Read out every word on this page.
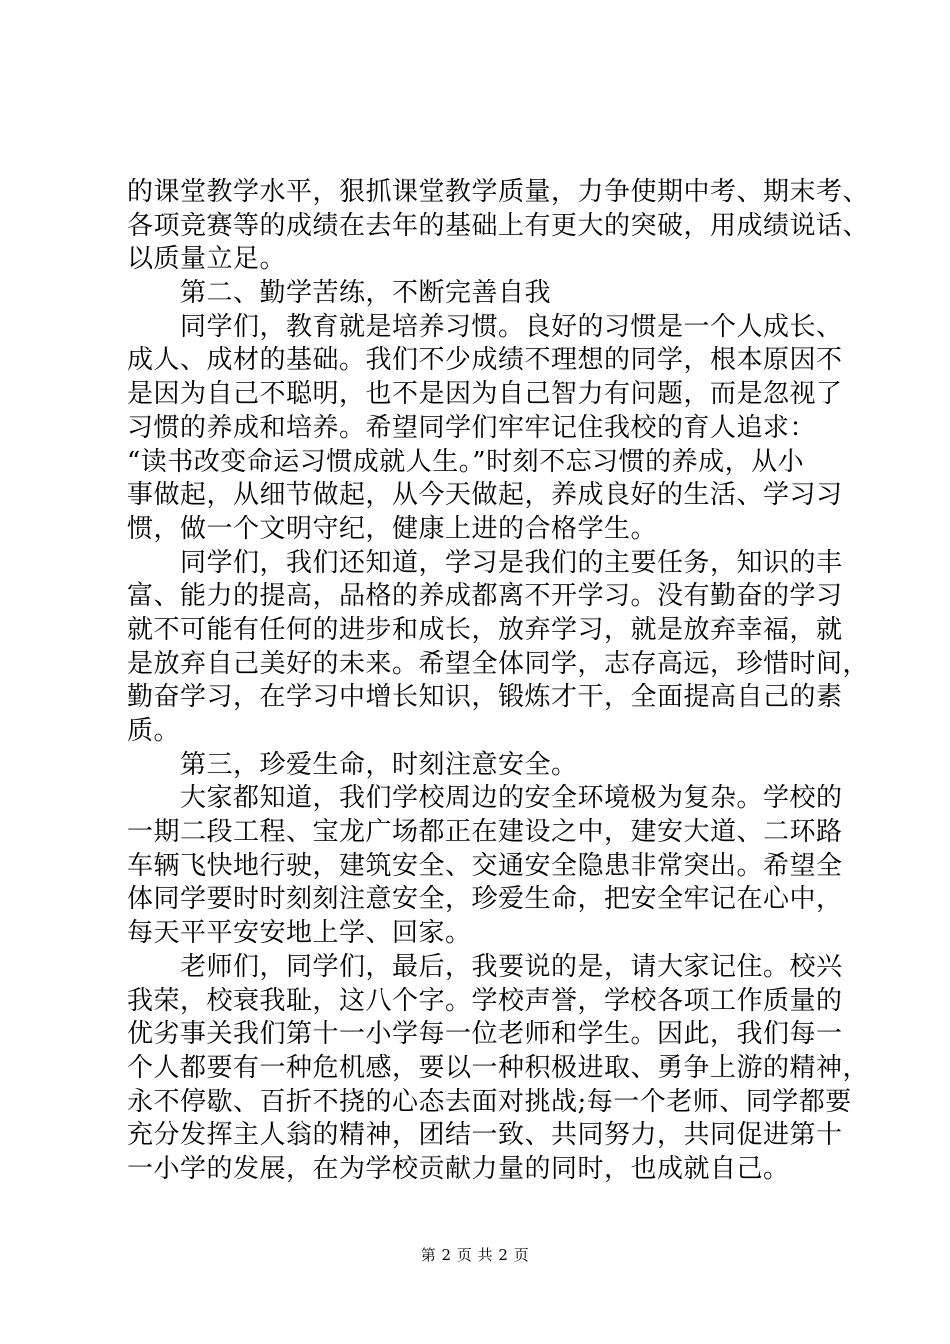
的课堂教学水平，狠抓课堂教学质量，力争使期中考、期末考、
各项竞赛等的成绩在去年的基础上有更大的突破，用成绩说话、
以质量立足。
　　第二、勤学苦练，不断完善自我
　　同学们，教育就是培养习惯。良好的习惯是一个人成长、
成人、成材的基础。我们不少成绩不理想的同学，根本原因不
是因为自己不聪明，也不是因为自己智力有问题，而是忽视了
习惯的养成和培养。希望同学们牢牢记住我校的育人追求：
“读书改变命运习惯成就人生。”时刻不忘习惯的养成，从小
事做起，从细节做起，从今天做起，养成良好的生活、学习习
惯，做一个文明守纪，健康上进的合格学生。
　　同学们，我们还知道，学习是我们的主要任务，知识的丰
富、能力的提高，品格的养成都离不开学习。没有勤奋的学习
就不可能有任何的进步和成长，放弃学习，就是放弃幸福，就
是放弃自己美好的未来。希望全体同学，志存高远，珍惜时间，
勤奋学习，在学习中增长知识，锻炼才干，全面提高自己的素
质。
　　第三，珍爱生命，时刻注意安全。
　　大家都知道，我们学校周边的安全环境极为复杂。学校的
一期二段工程、宝龙广场都正在建设之中，建安大道、二环路
车辆飞快地行驶，建筑安全、交通安全隐患非常突出。希望全
体同学要时时刻刻注意安全，珍爱生命，把安全牢记在心中，
每天平平安安地上学、回家。
　　老师们，同学们，最后，我要说的是，请大家记住。校兴
我荣，校衰我耻，这八个字。学校声誉，学校各项工作质量的
优劣事关我们第十一小学每一位老师和学生。因此，我们每一
个人都要有一种危机感，要以一种积极进取、勇争上游的精神，
永不停歇、百折不挠的心态去面对挑战;每一个老师、同学都要
充分发挥主人翁的精神，团结一致、共同努力，共同促进第十
一小学的发展，在为学校贡献力量的同时，也成就自己。
第 2 页 共 2 页
